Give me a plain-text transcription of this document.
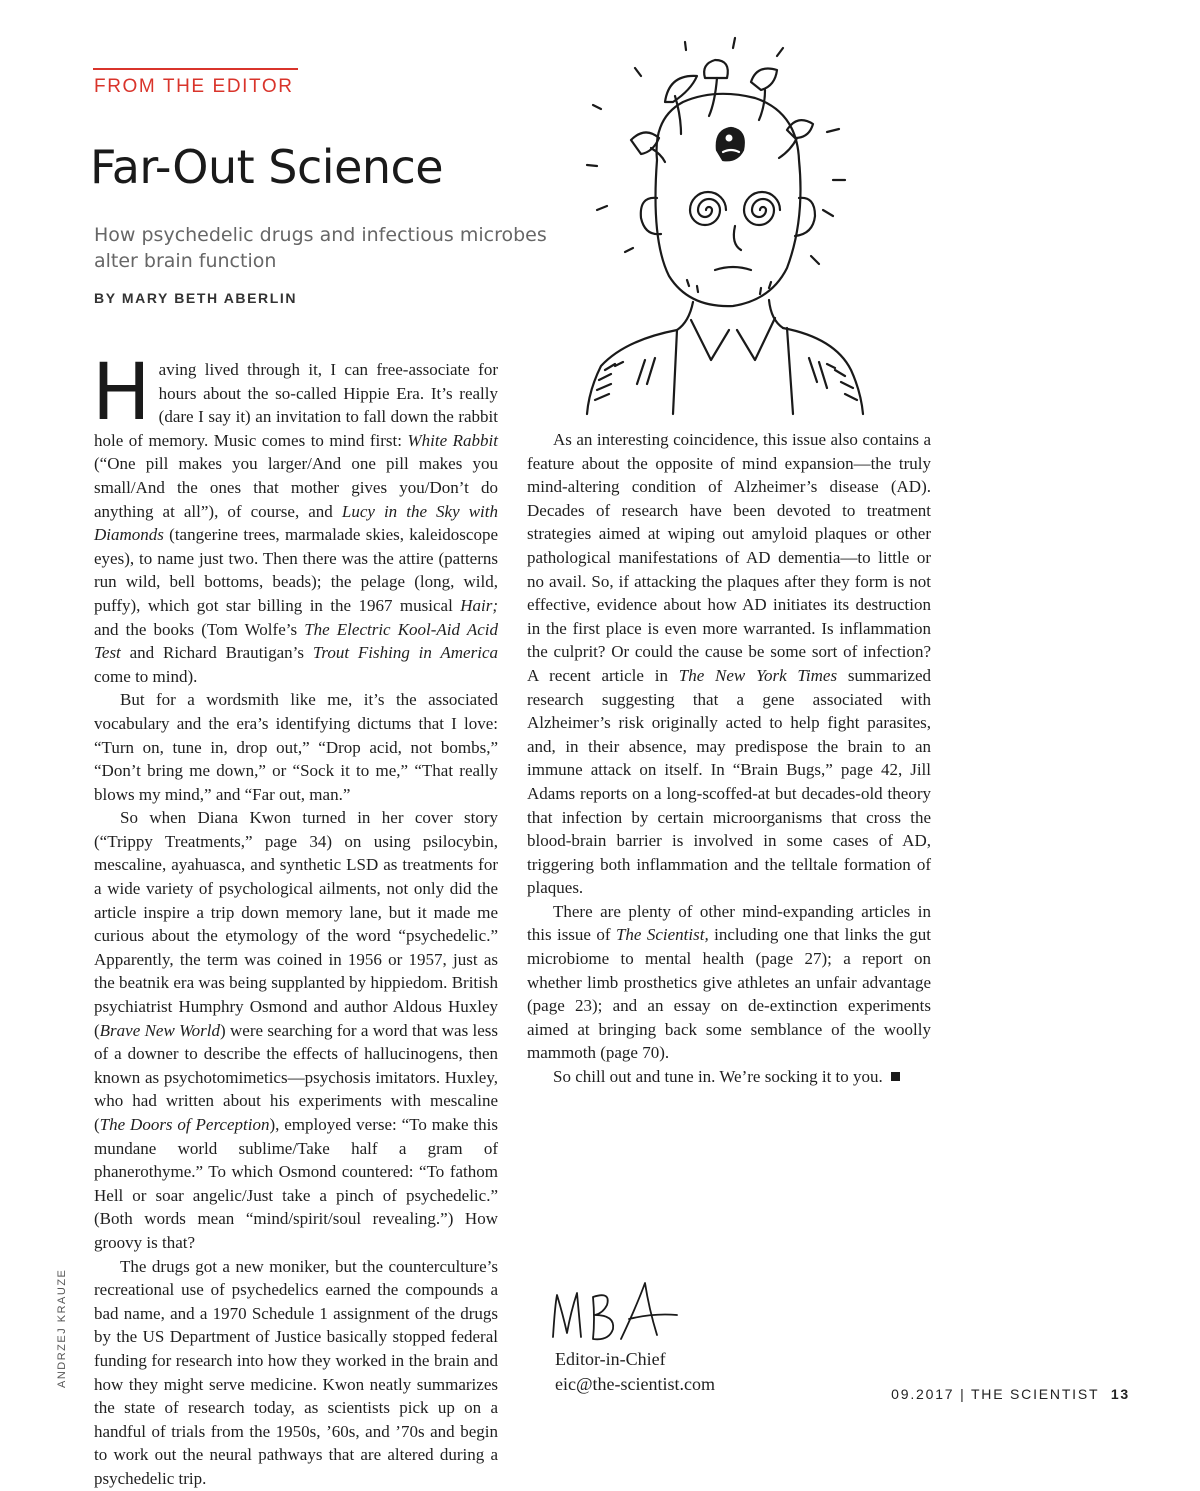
FROM THE EDITOR
Far-Out Science

How psychedelic drugs and infectious microbes alter brain function

BY MARY BETH ABERLIN

Having lived through it, I can free-associate for hours about the so-called Hippie Era. It’s really (dare I say it) an invitation to fall down the rabbit hole of memory. Music comes to mind first: White Rabbit (“One pill makes you larger/And one pill makes you small/And the ones that mother gives you/Don’t do anything at all”), of course, and Lucy in the Sky with Diamonds (tangerine trees, marmalade skies, kaleidoscope eyes), to name just two. Then there was the attire (patterns run wild, bell bottoms, beads); the pelage (long, wild, puffy), which got star billing in the 1967 musical Hair; and the books (Tom Wolfe’s The Electric Kool-Aid Acid Test and Richard Brautigan’s Trout Fishing in America come to mind).

But for a wordsmith like me, it’s the associated vocabulary and the era’s identifying dictums that I love: “Turn on, tune in, drop out,” “Drop acid, not bombs,” “Don’t bring me down,” or “Sock it to me,” “That really blows my mind,” and “Far out, man.”

So when Diana Kwon turned in her cover story (“Trippy Treatments,” page 34) on using psilocybin, mescaline, ayahuasca, and synthetic LSD as treatments for a wide variety of psychological ailments, not only did the article inspire a trip down memory lane, but it made me curious about the etymology of the word “psychedelic.” Apparently, the term was coined in 1956 or 1957, just as the beatnik era was being supplanted by hippiedom. British psychiatrist Humphry Osmond and author Aldous Huxley (Brave New World) were searching for a word that was less of a downer to describe the effects of hallucinogens, then known as psychotomimetics—psychosis imitators. Huxley, who had written about his experiments with mescaline (The Doors of Perception), employed verse: “To make this mundane world sublime/Take half a gram of phanerothyme.” To which Osmond countered: “To fathom Hell or soar angelic/Just take a pinch of psychedelic.” (Both words mean “mind/spirit/soul revealing.”) How groovy is that?

The drugs got a new moniker, but the counterculture’s recreational use of psychedelics earned the compounds a bad name, and a 1970 Schedule 1 assignment of the drugs by the US Department of Justice basically stopped federal funding for research into how they worked in the brain and how they might serve medicine. Kwon neatly summarizes the state of research today, as scientists pick up on a handful of trials from the 1950s, ’60s, and ’70s and begin to work out the neural pathways that are altered during a psychedelic trip.

As an interesting coincidence, this issue also contains a feature about the opposite of mind expansion—the truly mind-altering condition of Alzheimer’s disease (AD). Decades of research have been devoted to treatment strategies aimed at wiping out amyloid plaques or other pathological manifestations of AD dementia—to little or no avail. So, if attacking the plaques after they form is not effective, evidence about how AD initiates its destruction in the first place is even more warranted. Is inflammation the culprit? Or could the cause be some sort of infection? A recent article in The New York Times summarized research suggesting that a gene associated with Alzheimer’s risk originally acted to help fight parasites, and, in their absence, may predispose the brain to an immune attack on itself. In “Brain Bugs,” page 42, Jill Adams reports on a long-scoffed-at but decades-old theory that infection by certain microorganisms that cross the blood-brain barrier is involved in some cases of AD, triggering both inflammation and the telltale formation of plaques.

There are plenty of other mind-expanding articles in this issue of The Scientist, including one that links the gut microbiome to mental health (page 27); a report on whether limb prosthetics give athletes an unfair advantage (page 23); and an essay on de-extinction experiments aimed at bringing back some semblance of the woolly mammoth (page 70).

So chill out and tune in. We’re socking it to you.

Editor-in-Chief
eic@the-scientist.com
ANDRZEJ KRAUZE
09.2017 | THE SCIENTIST 13
